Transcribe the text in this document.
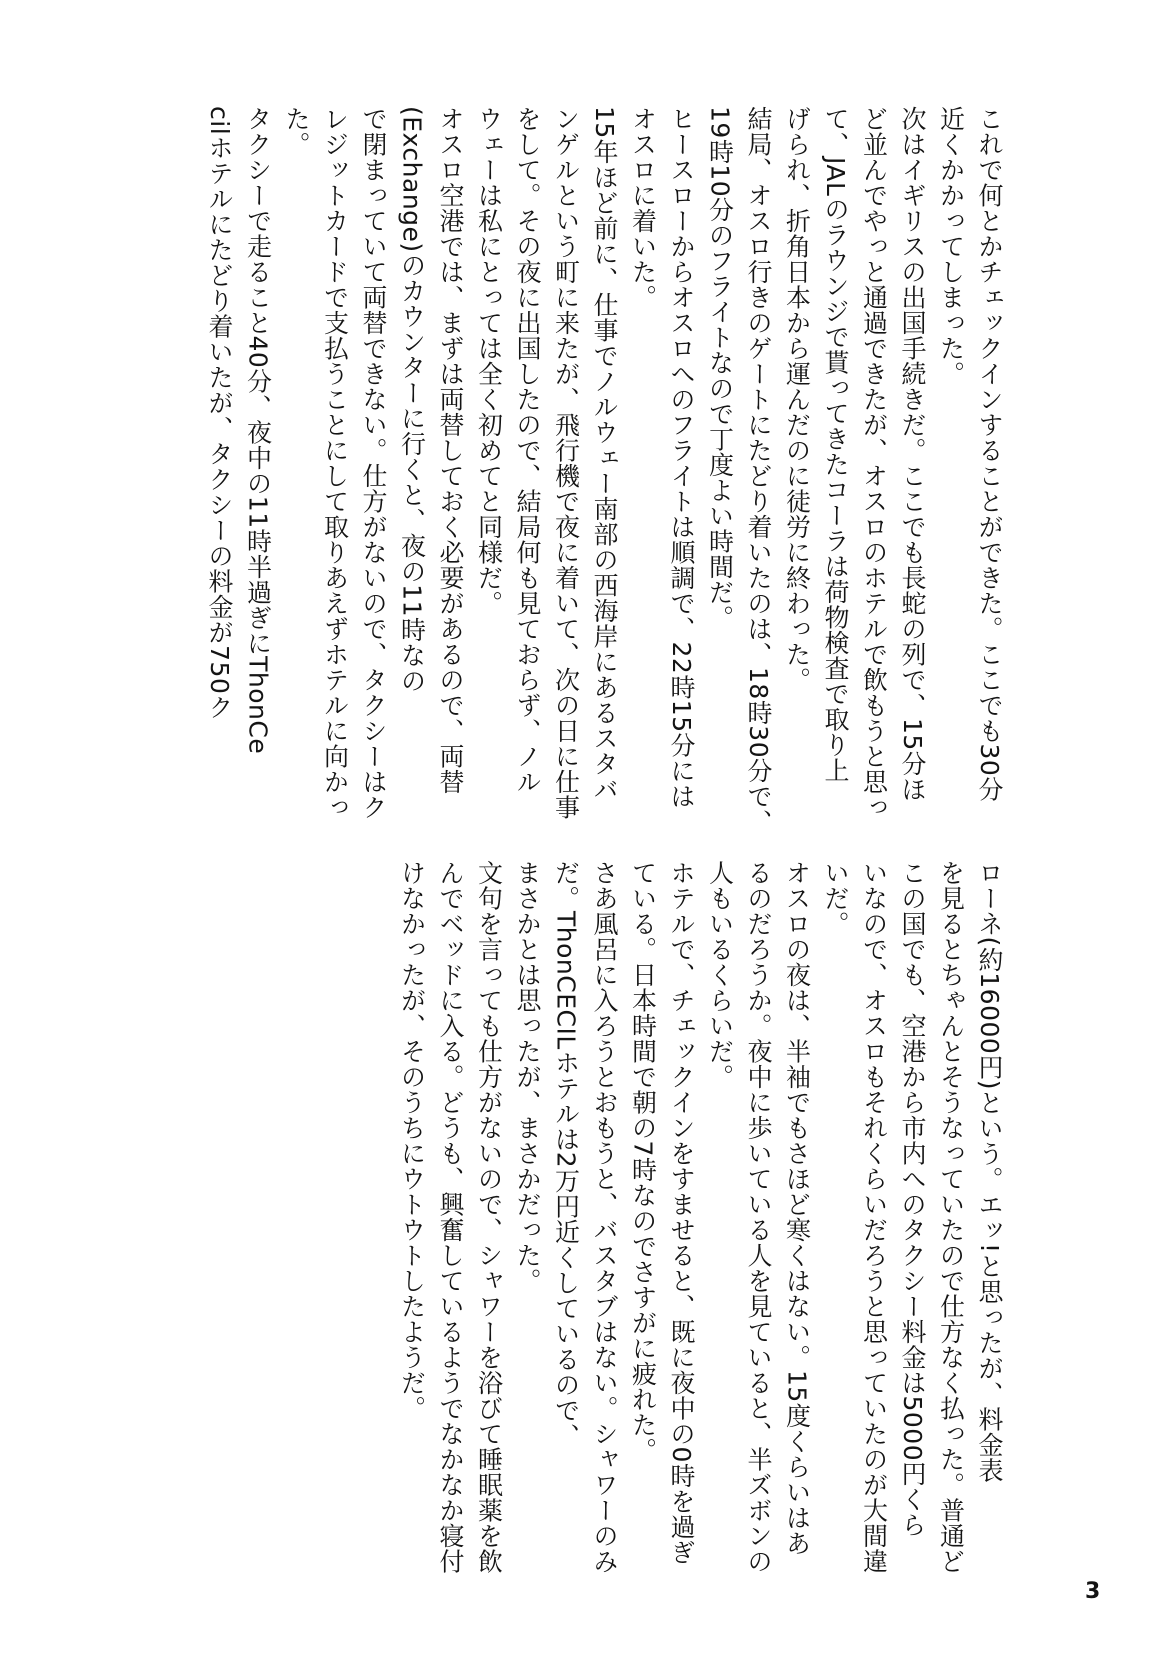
これで何とかチェックインすることができた。ここでも30分
近くかかってしまった。
次はイギリスの出国手続きだ。ここでも長蛇の列で、15分ほ
ど並んでやっと通過できたが、オスロのホテルで飲もうと思っ
て、JALのラウンジで貰ってきたコーラは荷物検査で取り上
げられ、折角日本から運んだのに徒労に終わった。
結局、オスロ行きのゲートにたどり着いたのは、18時30分で、
19時10分のフライトなので丁度よい時間だ。
ヒースローからオスロへのフライトは順調で、22時15分には
オスロに着いた。
15年ほど前に、仕事でノルウェー南部の西海岸にあるスタバ
ンゲルという町に来たが、飛行機で夜に着いて、次の日に仕事
をして。その夜に出国したので、結局何も見ておらず、ノル
ウェーは私にとっては全く初めてと同様だ。
オスロ空港では、まずは両替しておく必要があるので、両替
(Exchange)のカウンターに行くと、夜の11時なの
で閉まっていて両替できない。仕方がないので、タクシーはク
レジットカードで支払うことにして取りあえずホテルに向かっ
た。
タクシーで走ること40分、夜中の11時半過ぎにThonCe
cilホテルにたどり着いたが、タクシーの料金が750ク
ローネ(約16000円)という。エッ!と思ったが、料金表
を見るとちゃんとそうなっていたので仕方なく払った。普通ど
この国でも、空港から市内へのタクシー料金は5000円くら
いなので、オスロもそれくらいだろうと思っていたのが大間違
いだ。
オスロの夜は、半袖でもさほど寒くはない。15度くらいはあ
るのだろうか。夜中に歩いている人を見ていると、半ズボンの
人もいるくらいだ。
ホテルで、チェックインをすませると、既に夜中の0時を過ぎ
ている。日本時間で朝の7時なのでさすがに疲れた。
さあ風呂に入ろうとおもうと、バスタブはない。シャワーのみ
だ。ThonCECILホテルは2万円近くしているので、
まさかとは思ったが、まさかだった。
文句を言っても仕方がないので、シャワーを浴びて睡眠薬を飲
んでベッドに入る。どうも、興奮しているようでなかなか寝付
けなかったが、そのうちにウトウトしたようだ。
3
